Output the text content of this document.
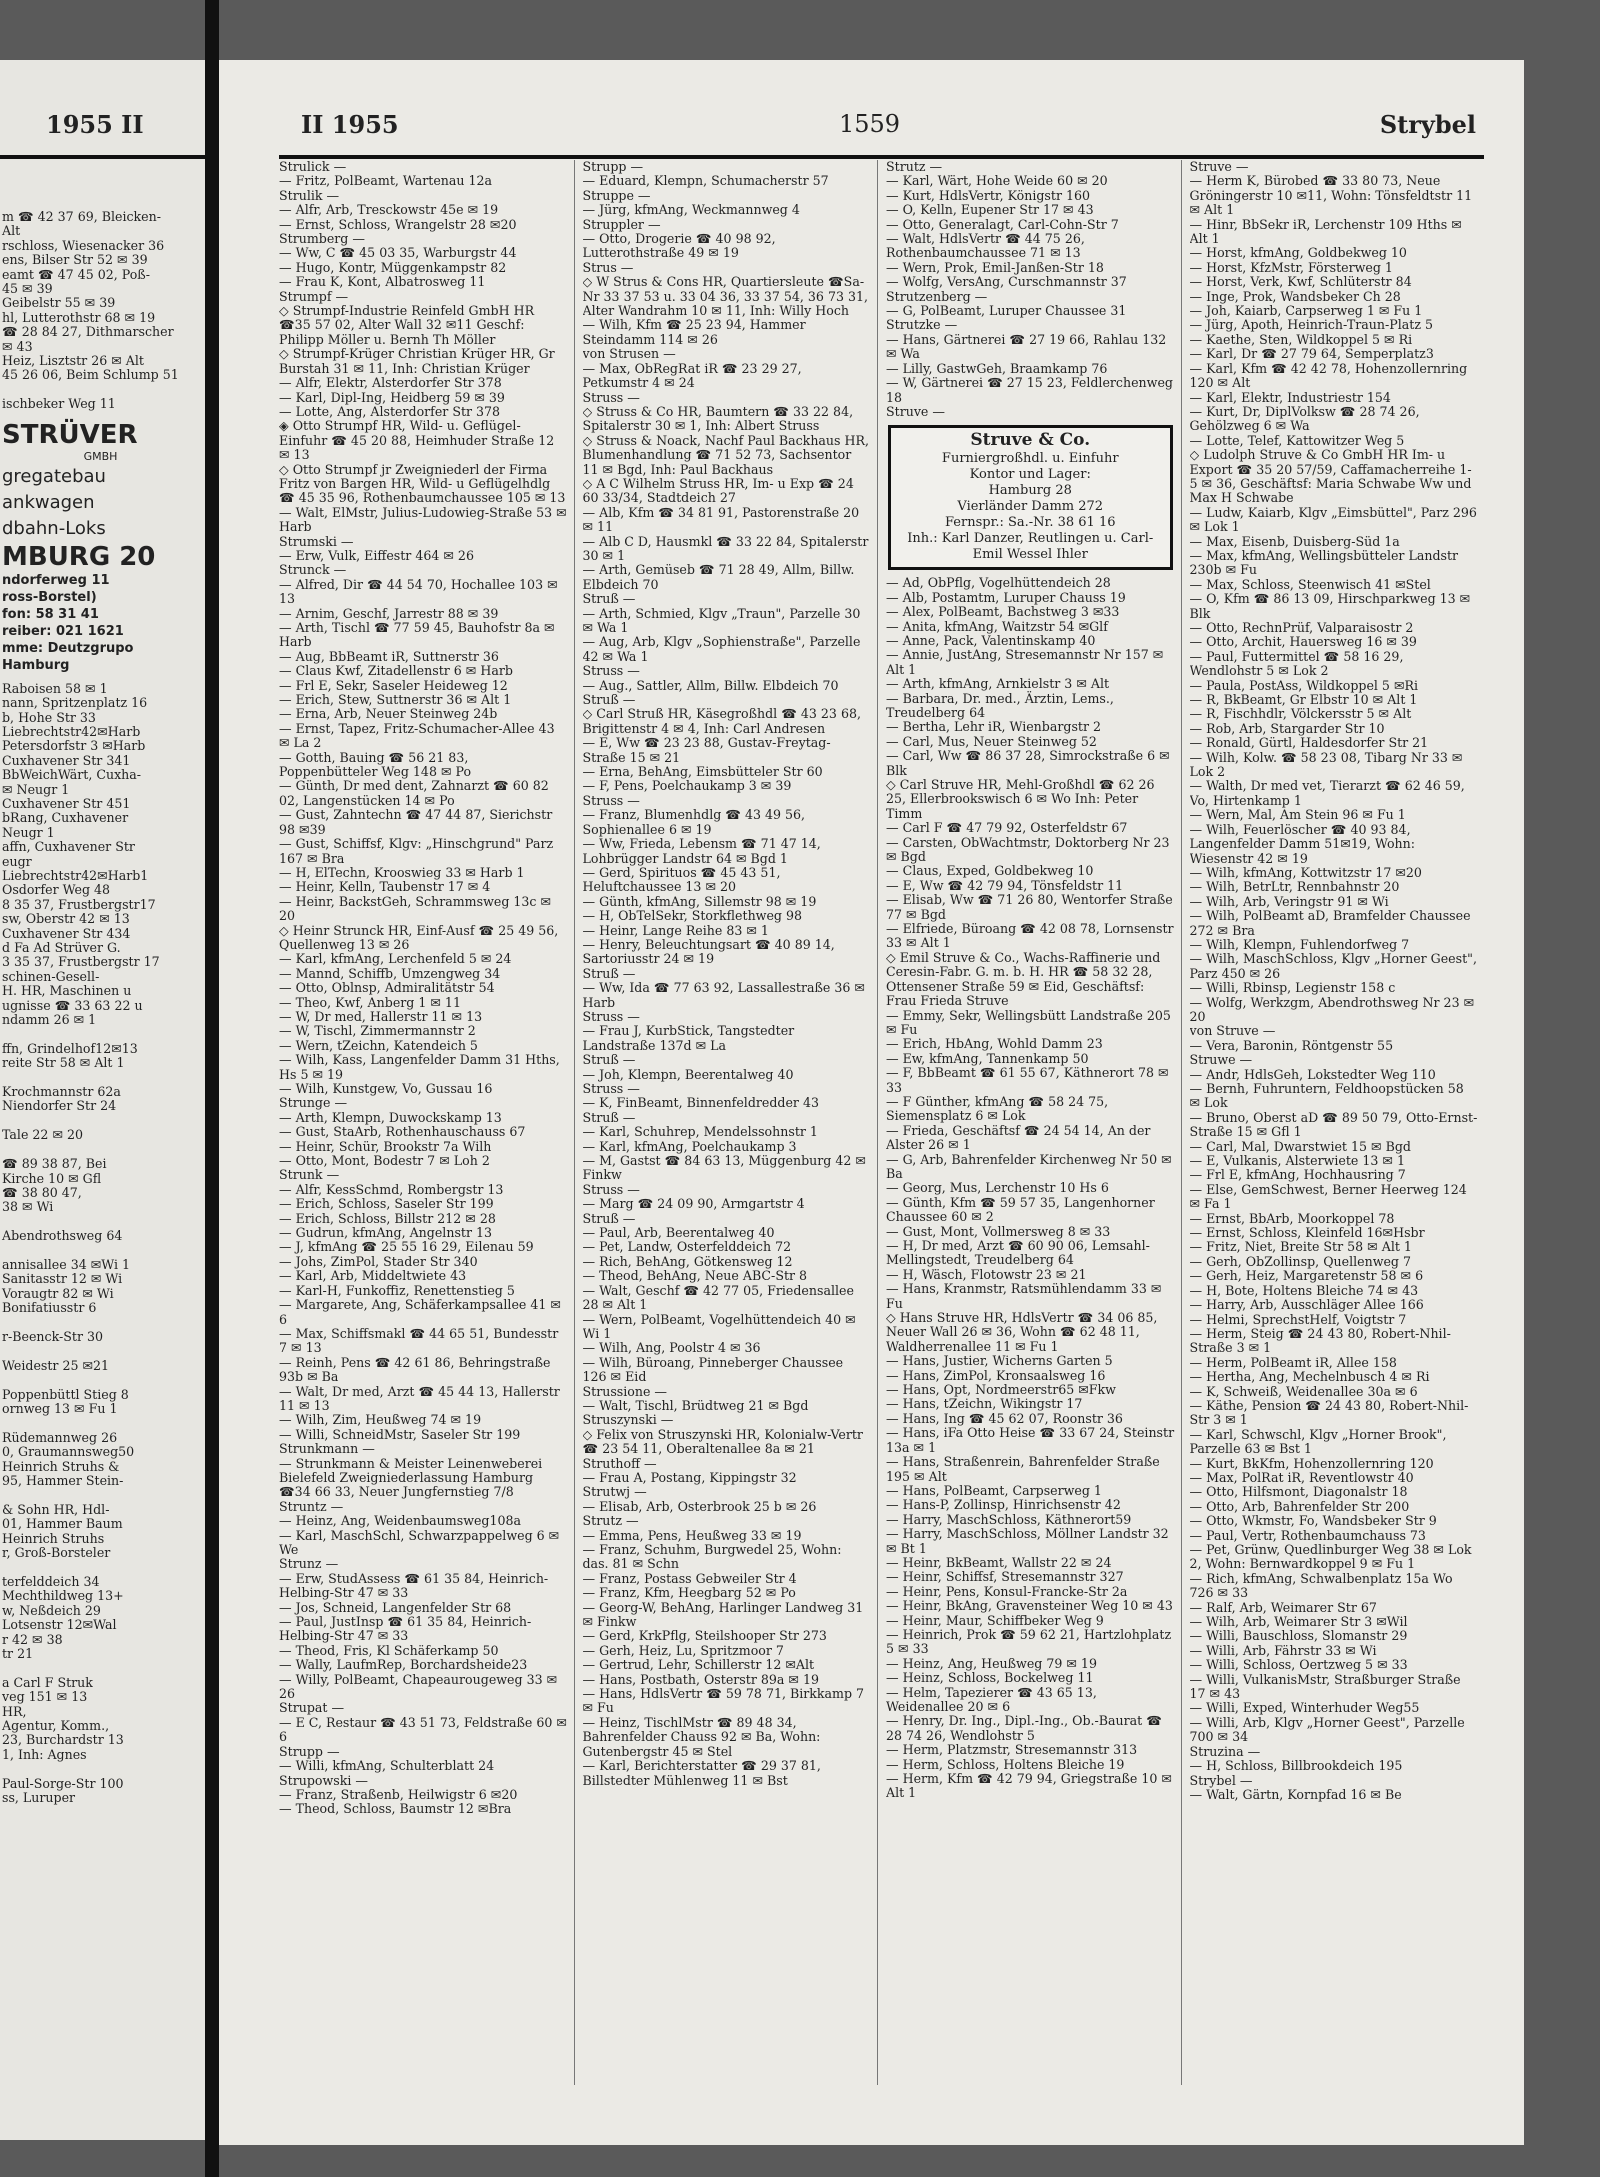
1955 II
m ☎ 42 37 69, Bleicken-
Alt
rschloss, Wiesenacker 36
ens, Bilser Str 52 ✉ 39
eamt ☎ 47 45 02, Poß-
45 ✉ 39
Geibelstr 55 ✉ 39
hl, Lutterothstr 68 ✉ 19
☎ 28 84 27, Dithmarscher
✉ 43
Heiz, Lisztstr 26 ✉ Alt
45 26 06, Beim Schlump 51

ischbeker Weg 11
STRÜVER
GMBH
gregatebau
ankwagen
dbahn-Loks
MBURG 20
ndorferweg 11
ross-Borstel)
fon: 58 31 41
reiber: 021 1621
mme: Deutzgrupo
Hamburg
Raboisen 58 ✉ 1
nann, Spritzenplatz 16
b, Hohe Str 33
Liebrechtstr42✉Harb
Petersdorfstr 3 ✉Harb
Cuxhavener Str 341
BbWeichWärt, Cuxha-
✉ Neugr 1
Cuxhavener Str 451
bRang, Cuxhavener
Neugr 1
affn, Cuxhavener Str
eugr
Liebrechtstr42✉Harb1
Osdorfer Weg 48
8 35 37, Frustbergstr17
sw, Oberstr 42 ✉ 13
Cuxhavener Str 434
d Fa Ad Strüver G.
3 35 37, Frustbergstr 17
schinen-Gesell-
H. HR, Maschinen u
ugnisse ☎ 33 63 22 u
ndamm 26 ✉ 1

ffn, Grindelhof12✉13
reite Str 58 ✉ Alt 1

Krochmannstr 62a
Niendorfer Str 24

Tale 22 ✉ 20

☎ 89 38 87, Bei
Kirche 10 ✉ Gfl
☎ 38 80 47,
38 ✉ Wi

Abendrothsweg 64

annisallee 34 ✉Wi 1
Sanitasstr 12 ✉ Wi
Voraugtr 82 ✉ Wi
Bonifatiusstr 6

r-Beenck-Str 30

Weidestr 25 ✉21

Poppenbüttl Stieg 8
ornweg 13 ✉ Fu 1

Rüdemannweg 26
0, Graumannsweg50
Heinrich Struhs &
95, Hammer Stein-

& Sohn HR, Hdl-
01, Hammer Baum
Heinrich Struhs
r, Groß-Borsteler

terfelddeich 34
Mechthildweg 13+
w, Neßdeich 29
Lotsenstr 12✉Wal
r 42 ✉ 38
tr 21

a Carl F Struk
veg 151 ✉ 13
HR,
Agentur, Komm.,
23, Burchardstr 13
1, Inh: Agnes

Paul-Sorge-Str 100
ss, Luruper
II 1955	1559	Strybel
Strulick —
— Fritz, PolBeamt, Wartenau 12a
Strulik —
— Alfr, Arb, Tresckowstr 45e ✉ 19
— Ernst, Schloss, Wrangelstr 28 ✉20
Strumberg —
— Ww, C ☎ 45 03 35, Warburgstr 44
— Hugo, Kontr, Müggenkampstr 82
— Frau K, Kont, Albatrosweg 11
Strumpf —
◇ Strumpf-Industrie Reinfeld GmbH HR ☎35 57 02, Alter Wall 32 ✉11 Geschf: Philipp Möller u. Bernh Th Möller
◇ Strumpf-Krüger Christian Krüger HR, Gr Burstah 31 ✉ 11, Inh: Christian Krüger
— Alfr, Elektr, Alsterdorfer Str 378
— Karl, Dipl-Ing, Heidberg 59 ✉ 39
— Lotte, Ang, Alsterdorfer Str 378
◈ Otto Strumpf HR, Wild- u. Geflügel-Einfuhr ☎ 45 20 88, Heimhuder Straße 12 ✉ 13
◇ Otto Strumpf jr Zweigniederl der Firma Fritz von Bargen HR, Wild- u Geflügelhdlg ☎ 45 35 96, Rothenbaumchaussee 105 ✉ 13
— Walt, ElMstr, Julius-Ludowieg-Straße 53 ✉ Harb
Strumski —
— Erw, Vulk, Eiffestr 464 ✉ 26
Strunck —
— Alfred, Dir ☎ 44 54 70, Hochallee 103 ✉ 13
— Arnim, Geschf, Jarrestr 88 ✉ 39
— Arth, Tischl ☎ 77 59 45, Bauhofstr 8a ✉ Harb
— Aug, BbBeamt iR, Suttnerstr 36
— Claus Kwf, Zitadellenstr 6 ✉ Harb
— Frl E, Sekr, Saseler Heideweg 12
— Erich, Stew, Suttnerstr 36 ✉ Alt 1
— Erna, Arb, Neuer Steinweg 24b
— Ernst, Tapez, Fritz-Schumacher-Allee 43 ✉ La 2
— Gotth, Bauing ☎ 56 21 83, Poppenbütteler Weg 148 ✉ Po
— Günth, Dr med dent, Zahnarzt ☎ 60 82 02, Langenstücken 14 ✉ Po
— Gust, Zahntechn ☎ 47 44 87, Sierichstr 98 ✉39
— Gust, Schiffsf, Klgv: „Hinschgrund" Parz 167 ✉ Bra
— H, ElTechn, Krooswieg 33 ✉ Harb 1
— Heinr, Kelln, Taubenstr 17 ✉ 4
— Heinr, BackstGeh, Schrammsweg 13c ✉ 20
◇ Heinr Strunck HR, Einf-Ausf ☎ 25 49 56, Quellenweg 13 ✉ 26
— Karl, kfmAng, Lerchenfeld 5 ✉ 24
— Mannd, Schiffb, Umzengweg 34
— Otto, Oblnsp, Admiralitätstr 54
— Theo, Kwf, Anberg 1 ✉ 11
— W, Dr med, Hallerstr 11 ✉ 13
— W, Tischl, Zimmermannstr 2
— Wern, tZeichn, Katendeich 5
— Wilh, Kass, Langenfelder Damm 31 Hths, Hs 5 ✉ 19
— Wilh, Kunstgew, Vo, Gussau 16
Strunge —
— Arth, Klempn, Duwockskamp 13
— Gust, StaArb, Rothenhauschauss 67
— Heinr, Schür, Brookstr 7a Wilh
— Otto, Mont, Bodestr 7 ✉ Loh 2
Strunk —
— Alfr, KessSchmd, Rombergstr 13
— Erich, Schloss, Saseler Str 199
— Erich, Schloss, Billstr 212 ✉ 28
— Gudrun, kfmAng, Angelnstr 13
— J, kfmAng ☎ 25 55 16 29, Eilenau 59
— Johs, ZimPol, Stader Str 340
— Karl, Arb, Middeltwiete 43
— Karl-H, Funkoffiz, Renettenstieg 5
— Margarete, Ang, Schäferkampsallee 41 ✉ 6
— Max, Schiffsmakl ☎ 44 65 51, Bundesstr 7 ✉ 13
— Reinh, Pens ☎ 42 61 86, Behringstraße 93b ✉ Ba
— Walt, Dr med, Arzt ☎ 45 44 13, Hallerstr 11 ✉ 13
— Wilh, Zim, Heußweg 74 ✉ 19
— Willi, SchneidMstr, Saseler Str 199
Strunkmann —
— Strunkmann & Meister Leinenweberei Bielefeld Zweigniederlassung Hamburg ☎34 66 33, Neuer Jungfernstieg 7/8
Struntz —
— Heinz, Ang, Weidenbaumsweg108a
— Karl, MaschSchl, Schwarzpappelweg 6 ✉ We
Strunz —
— Erw, StudAssess ☎ 61 35 84, Heinrich-Helbing-Str 47 ✉ 33
— Jos, Schneid, Langenfelder Str 68
— Paul, JustInsp ☎ 61 35 84, Heinrich-Helbing-Str 47 ✉ 33
— Theod, Fris, Kl Schäferkamp 50
— Wally, LaufmRep, Borchardsheide23
— Willy, PolBeamt, Chapeaurougeweg 33 ✉ 26
Strupat —
— E C, Restaur ☎ 43 51 73, Feldstraße 60 ✉ 6
Strupp —
— Willi, kfmAng, Schulterblatt 24
Strupowski —
— Franz, Straßenb, Heilwigstr 6 ✉20
— Theod, Schloss, Baumstr 12 ✉Bra
Strupp —
— Eduard, Klempn, Schumacherstr 57
Struppe —
— Jürg, kfmAng, Weckmannweg 4
Struppler —
— Otto, Drogerie ☎ 40 98 92, Lutterothstraße 49 ✉ 19
Strus —
◇ W Strus & Cons HR, Quartiersleute ☎Sa-Nr 33 37 53 u. 33 04 36, 33 37 54, 36 73 31, Alter Wandrahm 10 ✉ 11, Inh: Willy Hoch
— Wilh, Kfm ☎ 25 23 94, Hammer Steindamm 114 ✉ 26
von Strusen —
— Max, ObRegRat iR ☎ 23 29 27, Petkumstr 4 ✉ 24
Struss —
◇ Struss & Co HR, Baumtern ☎ 33 22 84, Spitalerstr 30 ✉ 1, Inh: Albert Struss
◇ Struss & Noack, Nachf Paul Backhaus HR, Blumenhandlung ☎ 71 52 73, Sachsentor 11 ✉ Bgd, Inh: Paul Backhaus
◇ A C Wilhelm Struss HR, Im- u Exp ☎ 24 60 33/34, Stadtdeich 27
— Alb, Kfm ☎ 34 81 91, Pastorenstraße 20 ✉ 11
— Alb C D, Hausmkl ☎ 33 22 84, Spitalerstr 30 ✉ 1
— Arth, Gemüseb ☎ 71 28 49, Allm, Billw. Elbdeich 70
Struß —
— Arth, Schmied, Klgv „Traun", Parzelle 30 ✉ Wa 1
— Aug, Arb, Klgv „Sophienstraße", Parzelle 42 ✉ Wa 1
Struss —
— Aug., Sattler, Allm, Billw. Elbdeich 70
Struß —
◇ Carl Struß HR, Käsegroßhdl ☎ 43 23 68, Brigittenstr 4 ✉ 4, Inh: Carl Andresen
— E, Ww ☎ 23 23 88, Gustav-Freytag-Straße 15 ✉ 21
— Erna, BehAng, Eimsbütteler Str 60
— F, Pens, Poelchaukamp 3 ✉ 39
Struss —
— Franz, Blumenhdlg ☎ 43 49 56, Sophienallee 6 ✉ 19
— Ww, Frieda, Lebensm ☎ 71 47 14, Lohbrügger Landstr 64 ✉ Bgd 1
— Gerd, Spirituos ☎ 45 43 51, Heluftchaussee 13 ✉ 20
— Günth, kfmAng, Sillemstr 98 ✉ 19
— H, ObTelSekr, Storkflethweg 98
— Heinr, Lange Reihe 83 ✉ 1
— Henry, Beleuchtungsart ☎ 40 89 14, Sartoriusstr 24 ✉ 19
Struß —
— Ww, Ida ☎ 77 63 92, Lassallestraße 36 ✉ Harb
Struss —
— Frau J, KurbStick, Tangstedter Landstraße 137d ✉ La
Struß —
— Joh, Klempn, Beerentalweg 40
Struss —
— K, FinBeamt, Binnenfeldredder 43
Struß —
— Karl, Schuhrep, Mendelssohnstr 1
— Karl, kfmAng, Poelchaukamp 3
— M, Gastst ☎ 84 63 13, Müggenburg 42 ✉ Finkw
Struss —
— Marg ☎ 24 09 90, Armgartstr 4
Struß —
— Paul, Arb, Beerentalweg 40
— Pet, Landw, Osterfelddeich 72
— Rich, BehAng, Götkensweg 12
— Theod, BehAng, Neue ABC-Str 8
— Walt, Geschf ☎ 42 77 05, Friedensallee 28 ✉ Alt 1
— Wern, PolBeamt, Vogelhüttendeich 40 ✉ Wi 1
— Wilh, Ang, Poolstr 4 ✉ 36
— Wilh, Büroang, Pinneberger Chaussee 126 ✉ Eid
Strussione —
— Walt, Tischl, Brüdtweg 21 ✉ Bgd
Struszynski —
◇ Felix von Struszynski HR, Kolonialw-Vertr ☎ 23 54 11, Oberaltenallee 8a ✉ 21
Struthoff —
— Frau A, Postang, Kippingstr 32
Strutwj —
— Elisab, Arb, Osterbrook 25 b ✉ 26
Strutz —
— Emma, Pens, Heußweg 33 ✉ 19
— Franz, Schuhm, Burgwedel 25, Wohn: das. 81 ✉ Schn
— Franz, Postass Gebweiler Str 4
— Franz, Kfm, Heegbarg 52 ✉ Po
— Georg-W, BehAng, Harlinger Landweg 31 ✉ Finkw
— Gerd, KrkPflg, Steilshooper Str 273
— Gerh, Heiz, Lu, Spritzmoor 7
— Gertrud, Lehr, Schillerstr 12 ✉Alt
— Hans, Postbath, Osterstr 89a ✉ 19
— Hans, HdlsVertr ☎ 59 78 71, Birkkamp 7 ✉ Fu
— Heinz, TischlMstr ☎ 89 48 34, Bahrenfelder Chauss 92 ✉ Ba, Wohn: Gutenbergstr 45 ✉ Stel
— Karl, Berichterstatter ☎ 29 37 81, Billstedter Mühlenweg 11 ✉ Bst
Strutz —
— Karl, Wärt, Hohe Weide 60 ✉ 20
— Kurt, HdlsVertr, Königstr 160
— O, Kelln, Eupener Str 17 ✉ 43
— Otto, Generalagt, Carl-Cohn-Str 7
— Walt, HdlsVertr ☎ 44 75 26, Rothenbaumchaussee 71 ✉ 13
— Wern, Prok, Emil-Janßen-Str 18
— Wolfg, VersAng, Curschmannstr 37
Strutzenberg —
— G, PolBeamt, Luruper Chaussee 31
Strutzke —
— Hans, Gärtnerei ☎ 27 19 66, Rahlau 132 ✉ Wa
— Lilly, GastwGeh, Braamkamp 76
— W, Gärtnerei ☎ 27 15 23, Feldlerchenweg 18
Struve —
Struve & Co.
Furniergroßhdl. u. Einfuhr
Kontor und Lager:
Hamburg 28
Vierländer Damm 272
Fernspr.: Sa.-Nr. 38 61 16
Inh.: Karl Danzer, Reutlingen u. Carl-Emil Wessel Ihler
— Ad, ObPflg, Vogelhüttendeich 28
— Alb, Postamtm, Luruper Chauss 19
— Alex, PolBeamt, Bachstweg 3 ✉33
— Anita, kfmAng, Waitzstr 54 ✉Glf
— Anne, Pack, Valentinskamp 40
— Annie, JustAng, Stresemannstr Nr 157 ✉ Alt 1
— Arth, kfmAng, Arnkielstr 3 ✉ Alt
— Barbara, Dr. med., Ärztin, Lems., Treudelberg 64
— Bertha, Lehr iR, Wienbargstr 2
— Carl, Mus, Neuer Steinweg 52
— Carl, Ww ☎ 86 37 28, Simrockstraße 6 ✉ Blk
◇ Carl Struve HR, Mehl-Großhdl ☎ 62 26 25, Ellerbrookswisch 6 ✉ Wo Inh: Peter Timm
— Carl F ☎ 47 79 92, Osterfeldstr 67
— Carsten, ObWachtmstr, Doktorberg Nr 23 ✉ Bgd
— Claus, Exped, Goldbekweg 10
— E, Ww ☎ 42 79 94, Tönsfeldstr 11
— Elisab, Ww ☎ 71 26 80, Wentorfer Straße 77 ✉ Bgd
— Elfriede, Büroang ☎ 42 08 78, Lornsenstr 33 ✉ Alt 1
◇ Emil Struve & Co., Wachs-Raffinerie und Ceresin-Fabr. G. m. b. H. HR ☎ 58 32 28, Ottensener Straße 59 ✉ Eid, Geschäftsf: Frau Frieda Struve
— Emmy, Sekr, Wellingsbütt Landstraße 205 ✉ Fu
— Erich, HbAng, Wohld Damm 23
— Ew, kfmAng, Tannenkamp 50
— F, BbBeamt ☎ 61 55 67, Käthnerort 78 ✉ 33
— F Günther, kfmAng ☎ 58 24 75, Siemensplatz 6 ✉ Lok
— Frieda, Geschäftsf ☎ 24 54 14, An der Alster 26 ✉ 1
— G, Arb, Bahrenfelder Kirchenweg Nr 50 ✉ Ba
— Georg, Mus, Lerchenstr 10 Hs 6
— Günth, Kfm ☎ 59 57 35, Langenhorner Chaussee 60 ✉ 2
— Gust, Mont, Vollmersweg 8 ✉ 33
— H, Dr med, Arzt ☎ 60 90 06, Lemsahl-Mellingstedt, Treudelberg 64
— H, Wäsch, Flotowstr 23 ✉ 21
— Hans, Kranmstr, Ratsmühlendamm 33 ✉ Fu
◇ Hans Struve HR, HdlsVertr ☎ 34 06 85, Neuer Wall 26 ✉ 36, Wohn ☎ 62 48 11, Waldherrenallee 11 ✉ Fu 1
— Hans, Justier, Wicherns Garten 5
— Hans, ZimPol, Kronsaalsweg 16
— Hans, Opt, Nordmeerstr65 ✉Fkw
— Hans, tZeichn, Wikingstr 17
— Hans, Ing ☎ 45 62 07, Roonstr 36
— Hans, iFa Otto Heise ☎ 33 67 24, Steinstr 13a ✉ 1
— Hans, Straßenrein, Bahrenfelder Straße 195 ✉ Alt
— Hans, PolBeamt, Carpserweg 1
— Hans-P, Zollinsp, Hinrichsenstr 42
— Harry, MaschSchloss, Käthnerort59
— Harry, MaschSchloss, Möllner Landstr 32 ✉ Bt 1
— Heinr, BkBeamt, Wallstr 22 ✉ 24
— Heinr, Schiffsf, Stresemannstr 327
— Heinr, Pens, Konsul-Francke-Str 2a
— Heinr, BkAng, Gravensteiner Weg 10 ✉ 43
— Heinr, Maur, Schiffbeker Weg 9
— Heinrich, Prok ☎ 59 62 21, Hartzlohplatz 5 ✉ 33
— Heinz, Ang, Heußweg 79 ✉ 19
— Heinz, Schloss, Bockelweg 11
— Helm, Tapezierer ☎ 43 65 13, Weidenallee 20 ✉ 6
— Henry, Dr. Ing., Dipl.-Ing., Ob.-Baurat ☎ 28 74 26, Wendlohstr 5
— Herm, Platzmstr, Stresemannstr 313
— Herm, Schloss, Holtens Bleiche 19
— Herm, Kfm ☎ 42 79 94, Griegstraße 10 ✉ Alt 1
Struve —
— Herm K, Bürobed ☎ 33 80 73, Neue Gröningerstr 10 ✉11, Wohn: Tönsfeldtstr 11 ✉ Alt 1
— Hinr, BbSekr iR, Lerchenstr 109 Hths ✉ Alt 1
— Horst, kfmAng, Goldbekweg 10
— Horst, KfzMstr, Försterweg 1
— Horst, Verk, Kwf, Schlüterstr 84
— Inge, Prok, Wandsbeker Ch 28
— Joh, Kaiarb, Carpserweg 1 ✉ Fu 1
— Jürg, Apoth, Heinrich-Traun-Platz 5
— Kaethe, Sten, Wildkoppel 5 ✉ Ri
— Karl, Dr ☎ 27 79 64, Semperplatz3
— Karl, Kfm ☎ 42 42 78, Hohenzollernring 120 ✉ Alt
— Karl, Elektr, Industriestr 154
— Kurt, Dr, DiplVolksw ☎ 28 74 26, Gehölzweg 6 ✉ Wa
— Lotte, Telef, Kattowitzer Weg 5
◇ Ludolph Struve & Co GmbH HR Im- u Export ☎ 35 20 57/59, Caffamacherreihe 1-5 ✉ 36, Geschäftsf: Maria Schwabe Ww und Max H Schwabe
— Ludw, Kaiarb, Klgv „Eimsbüttel", Parz 296 ✉ Lok 1
— Max, Eisenb, Duisberg-Süd 1a
— Max, kfmAng, Wellingsbütteler Landstr 230b ✉ Fu
— Max, Schloss, Steenwisch 41 ✉Stel
— O, Kfm ☎ 86 13 09, Hirschparkweg 13 ✉ Blk
— Otto, RechnPrüf, Valparaisostr 2
— Otto, Archit, Hauersweg 16 ✉ 39
— Paul, Futtermittel ☎ 58 16 29, Wendlohstr 5 ✉ Lok 2
— Paula, PostAss, Wildkoppel 5 ✉Ri
— R, BkBeamt, Gr Elbstr 10 ✉ Alt 1
— R, Fischhdlr, Völckersstr 5 ✉ Alt
— Rob, Arb, Stargarder Str 10
— Ronald, Gürtl, Haldesdorfer Str 21
— Wilh, Kolw. ☎ 58 23 08, Tibarg Nr 33 ✉ Lok 2
— Walth, Dr med vet, Tierarzt ☎ 62 46 59, Vo, Hirtenkamp 1
— Wern, Mal, Am Stein 96 ✉ Fu 1
— Wilh, Feuerlöscher ☎ 40 93 84, Langenfelder Damm 51✉19, Wohn: Wiesenstr 42 ✉ 19
— Wilh, kfmAng, Kottwitzstr 17 ✉20
— Wilh, BetrLtr, Rennbahnstr 20
— Wilh, Arb, Veringstr 91 ✉ Wi
— Wilh, PolBeamt aD, Bramfelder Chaussee 272 ✉ Bra
— Wilh, Klempn, Fuhlendorfweg 7
— Wilh, MaschSchloss, Klgv „Horner Geest", Parz 450 ✉ 26
— Willi, Rbinsp, Legienstr 158 c
— Wolfg, Werkzgm, Abendrothsweg Nr 23 ✉ 20
von Struve —
— Vera, Baronin, Röntgenstr 55
Struwe —
— Andr, HdlsGeh, Lokstedter Weg 110
— Bernh, Fuhruntern, Feldhoopstücken 58 ✉ Lok
— Bruno, Oberst aD ☎ 89 50 79, Otto-Ernst-Straße 15 ✉ Gfl 1
— Carl, Mal, Dwarstwiet 15 ✉ Bgd
— E, Vulkanis, Alsterwiete 13 ✉ 1
— Frl E, kfmAng, Hochhausring 7
— Else, GemSchwest, Berner Heerweg 124 ✉ Fa 1
— Ernst, BbArb, Moorkoppel 78
— Ernst, Schloss, Kleinfeld 16✉Hsbr
— Fritz, Niet, Breite Str 58 ✉ Alt 1
— Gerh, ObZollinsp, Quellenweg 7
— Gerh, Heiz, Margaretenstr 58 ✉ 6
— H, Bote, Holtens Bleiche 74 ✉ 43
— Harry, Arb, Ausschläger Allee 166
— Helmi, SprechstHelf, Voigtstr 7
— Herm, Steig ☎ 24 43 80, Robert-Nhil-Straße 3 ✉ 1
— Herm, PolBeamt iR, Allee 158
— Hertha, Ang, Mechelnbusch 4 ✉ Ri
— K, Schweiß, Weidenallee 30a ✉ 6
— Käthe, Pension ☎ 24 43 80, Robert-Nhil-Str 3 ✉ 1
— Karl, Schwschl, Klgv „Horner Brook", Parzelle 63 ✉ Bst 1
— Kurt, BkKfm, Hohenzollernring 120
— Max, PolRat iR, Reventlowstr 40
— Otto, Hilfsmont, Diagonalstr 18
— Otto, Arb, Bahrenfelder Str 200
— Otto, Wkmstr, Fo, Wandsbeker Str 9
— Paul, Vertr, Rothenbaumchauss 73
— Pet, Grünw, Quedlinburger Weg 38 ✉ Lok 2, Wohn: Bernwardkoppel 9 ✉ Fu 1
— Rich, kfmAng, Schwalbenplatz 15a Wo 726 ✉ 33
— Ralf, Arb, Weimarer Str 67
— Wilh, Arb, Weimarer Str 3 ✉Wil
— Willi, Bauschloss, Slomanstr 29
— Willi, Arb, Fährstr 33 ✉ Wi
— Willi, Schloss, Oertzweg 5 ✉ 33
— Willi, VulkanisMstr, Straßburger Straße 17 ✉ 43
— Willi, Exped, Winterhuder Weg55
— Willi, Arb, Klgv „Horner Geest", Parzelle 700 ✉ 34
Struzina —
— H, Schloss, Billbrookdeich 195
Strybel —
— Walt, Gärtn, Kornpfad 16 ✉ Be
